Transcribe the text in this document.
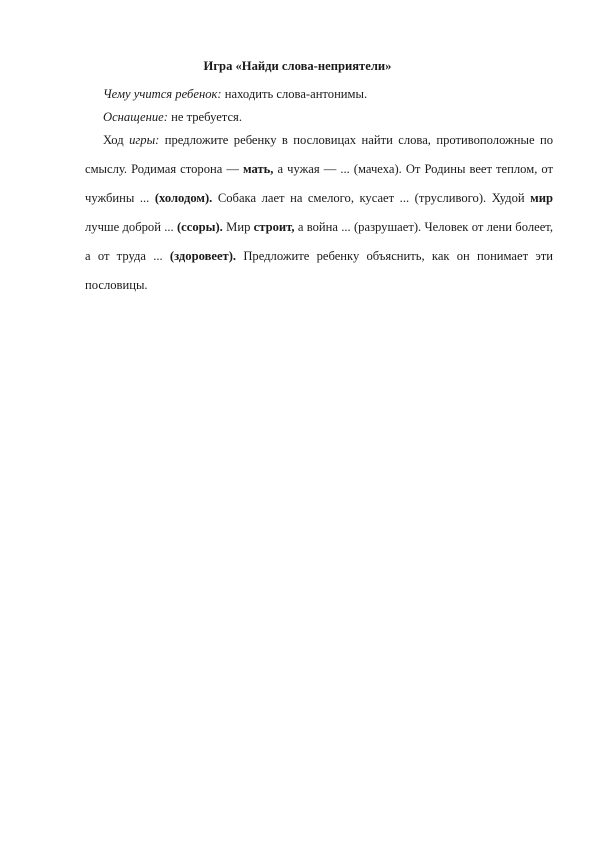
Игра «Найди слова-неприятели»

Чему учится ребенок: находить слова-антонимы.

Оснащение: не требуется.

Ход игры: предложите ребенку в пословицах найти слова, противоположные по смыслу. Родимая сторона — мать, а чужая — ... (мачеха). От Родины веет теплом, от чужбины ... (холодом). Собака лает на смелого, кусает ... (трусливого). Худой мир лучше доброй ... (ссоры). Мир строит, а война ... (разрушает). Человек от лени болеет, а от труда ... (здоровеет). Предложите ребенку объяснить, как он понимает эти пословицы.
